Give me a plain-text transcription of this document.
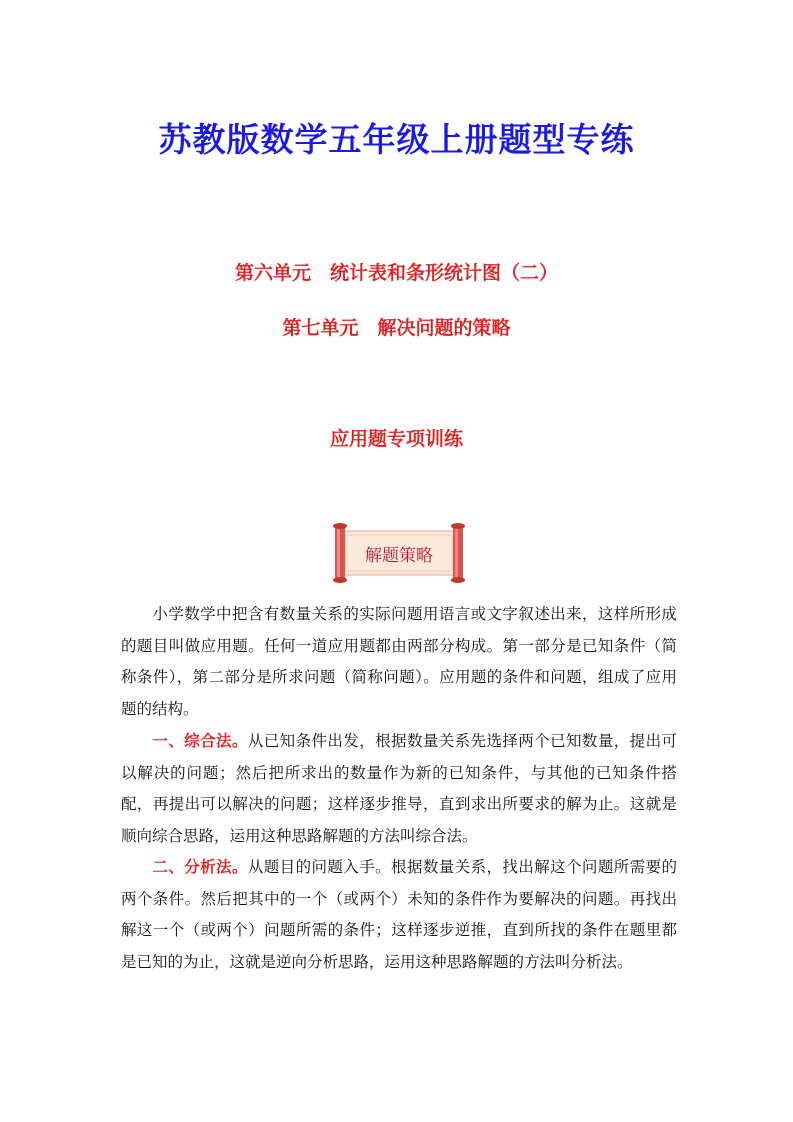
苏教版数学五年级上册题型专练
第六单元　 统计表和条形统计图（二）
第七单元　 解决问题的策略
应用题专项训练
解题策略

小学数学中把含有数量关系的实际问题用语言或文字叙述出来，这样所形成的题目叫做应用题。任何一道应用题都由两部分构成。第一部分是已知条件（简称条件），第二部分是所求问题（简称问题）。应用题的条件和问题，组成了应用题的结构。

一、综合法。从已知条件出发，根据数量关系先选择两个已知数量，提出可以解决的问题；然后把所求出的数量作为新的已知条件，与其他的已知条件搭配，再提出可以解决的问题；这样逐步推导，直到求出所要求的解为止。这就是顺向综合思路，运用这种思路解题的方法叫综合法。

二、分析法。从题目的问题入手。根据数量关系，找出解这个问题所需要的两个条件。然后把其中的一个（或两个）未知的条件作为要解决的问题。再找出解这一个（或两个）问题所需的条件；这样逐步逆推，直到所找的条件在题里都是已知的为止，这就是逆向分析思路，运用这种思路解题的方法叫分析法。
